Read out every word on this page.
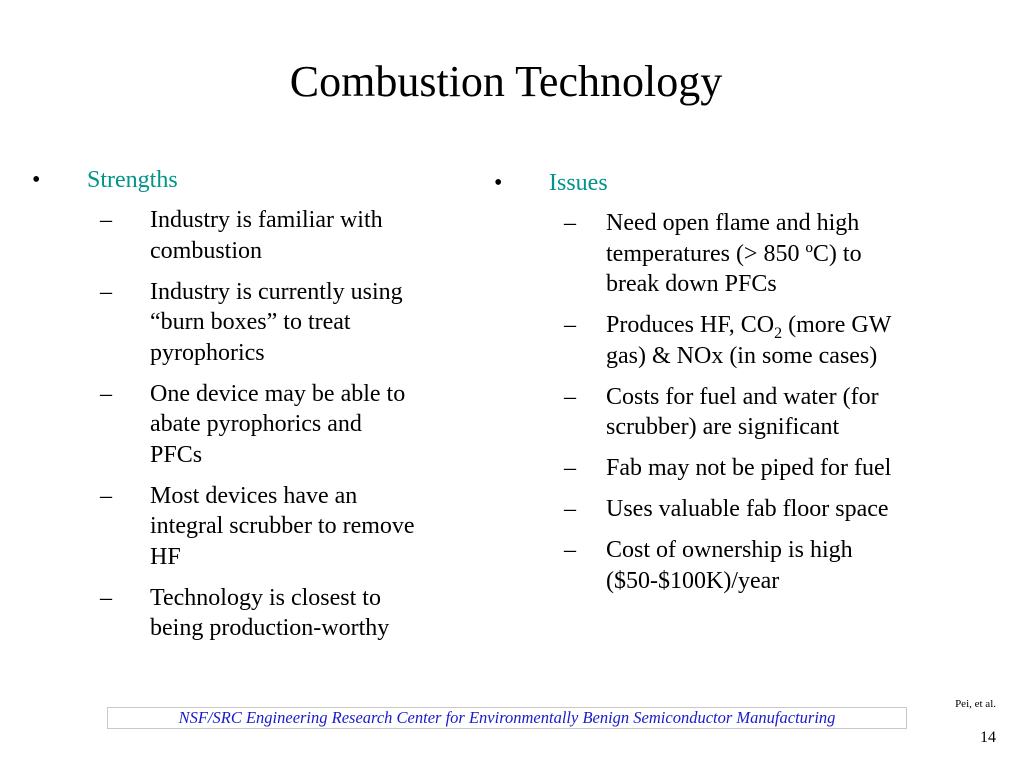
Combustion Technology
• Strengths
– Industry is familiar with
combustion
– Industry is currently using
“burn boxes” to treat
pyrophorics
– One device may be able to
abate pyrophorics and
PFCs
– Most devices have an
integral scrubber to remove
HF
– Technology is closest to
being production-worthy
• Issues
– Need open flame and high
temperatures (> 850 ºC) to
break down PFCs
– Produces HF, $CO_2$ (more GW
gas) & NOx (in some cases)
– Costs for fuel and water (for
scrubber) are significant
– Fab may not be piped for fuel
– Uses valuable fab floor space
– Cost of ownership is high
($50-$100K)/year
Pei, et al.
NSF/SRC Engineering Research Center for Environmentally Benign Semiconductor Manufacturing
14
